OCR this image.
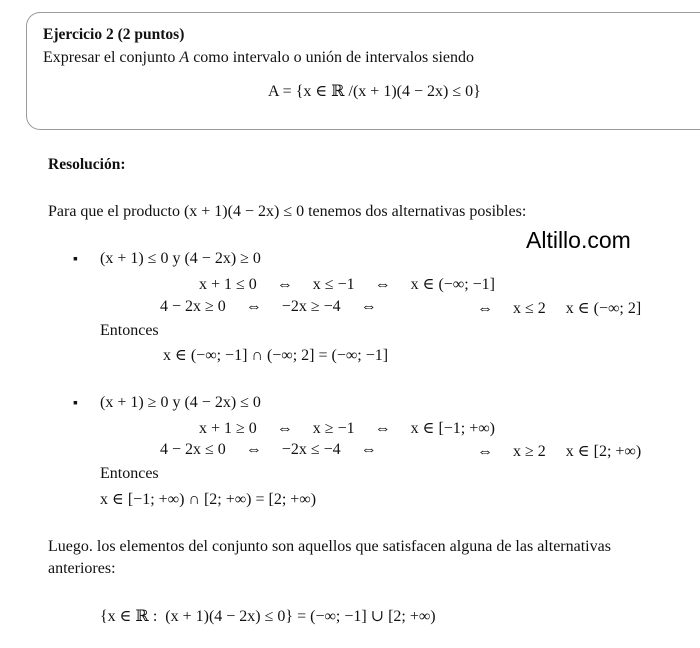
Ejercicio 2 (2 puntos)
Expresar el conjunto A como intervalo o unión de intervalos siendo
A = {x ∈ ℝ /(x + 1)(4 − 2x) ≤ 0}
Resolución:
Para que el producto (x + 1)(4 − 2x) ≤ 0 tenemos dos alternativas posibles:
Altillo.com
▪ (x + 1) ≤ 0 y (4 − 2x) ≥ 0
x + 1 ≤ 0     ⇔     x ≤ −1     ⇔     x ∈ (−∞; −1]
4 − 2x ≥ 0     ⇔     −2x ≥ −4     ⇔	⇔     x ≤ 2     x ∈ (−∞; 2]
Entonces
x ∈ (−∞; −1] ∩ (−∞; 2] = (−∞; −1]
▪ (x + 1) ≥ 0 y (4 − 2x) ≤ 0
x + 1 ≥ 0     ⇔     x ≥ −1     ⇔     x ∈ [−1; +∞)
4 − 2x ≤ 0     ⇔     −2x ≤ −4     ⇔	⇔     x ≥ 2     x ∈ [2; +∞)
Entonces
x ∈ [−1; +∞) ∩ [2; +∞) = [2; +∞)
Luego. los elementos del conjunto son aquellos que satisfacen alguna de las alternativas
anteriores:
{x ∈ ℝ :  (x + 1)(4 − 2x) ≤ 0} = (−∞; −1] ∪ [2; +∞)
